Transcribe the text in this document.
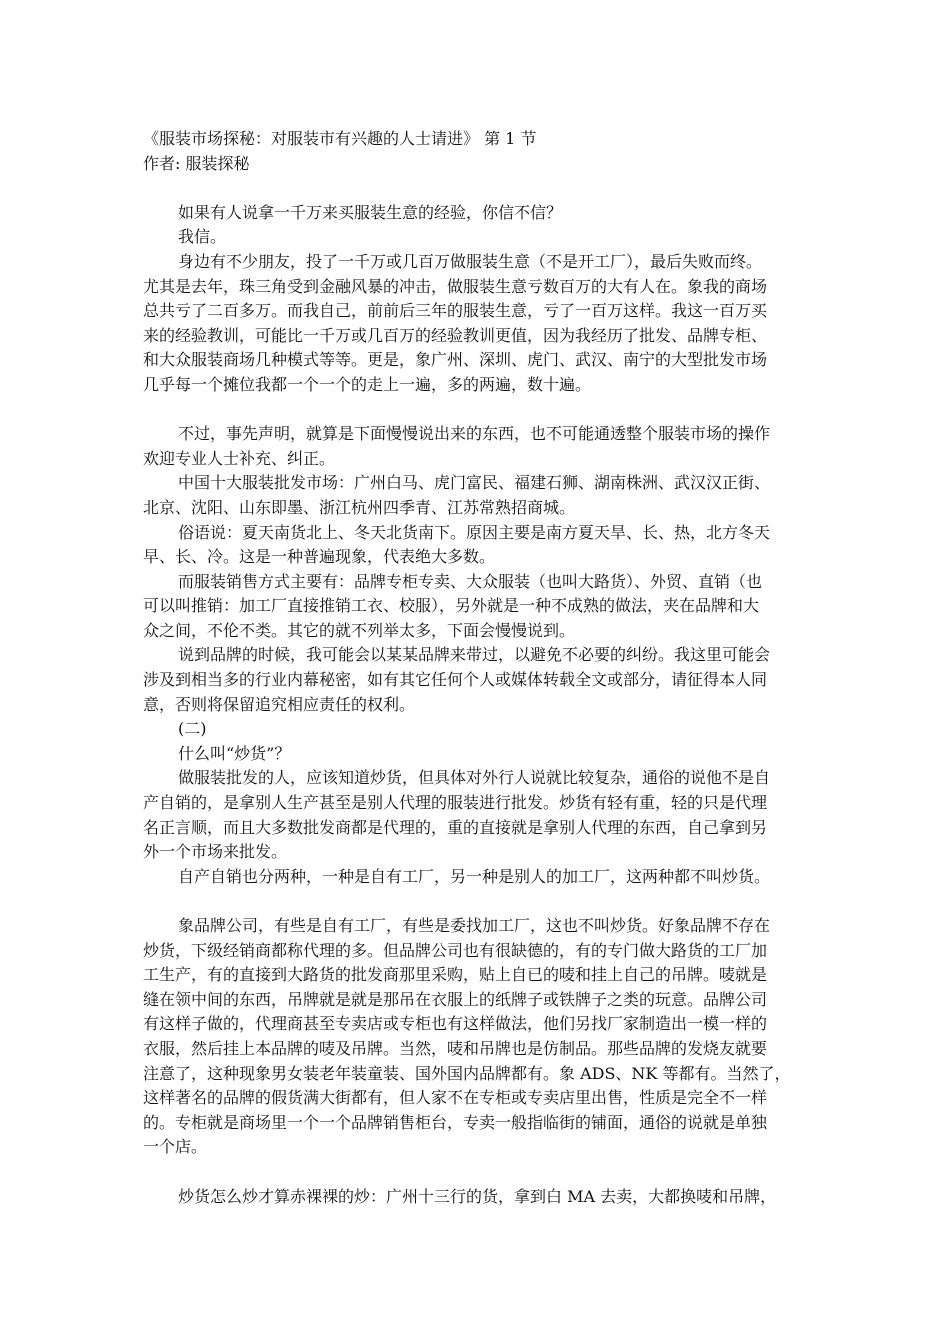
《服装市场探秘：对服装市有兴趣的人士请进》 第 1 节

作者: 服装探秘

如果有人说拿一千万来买服装生意的经验，你信不信？

我信。

身边有不少朋友，投了一千万或几百万做服装生意（不是开工厂），最后失败而终。

尤其是去年，珠三角受到金融风暴的冲击，做服装生意亏数百万的大有人在。象我的商场

总共亏了二百多万。而我自己，前前后三年的服装生意，亏了一百万这样。我这一百万买

来的经验教训，可能比一千万或几百万的经验教训更值，因为我经历了批发、品牌专柜、

和大众服装商场几种模式等等。更是，象广州、深圳、虎门、武汉、南宁的大型批发市场

几乎每一个摊位我都一个一个的走上一遍，多的两遍，数十遍。

不过，事先声明，就算是下面慢慢说出来的东西，也不可能通透整个服装市场的操作

欢迎专业人士补充、纠正。

中国十大服装批发市场：广州白马、虎门富民、福建石狮、湖南株洲、武汉汉正街、

北京、沈阳、山东即墨、浙江杭州四季青、江苏常熟招商城。

俗语说：夏天南货北上、冬天北货南下。原因主要是南方夏天旱、长、热，北方冬天

早、长、冷。这是一种普遍现象，代表绝大多数。

而服装销售方式主要有：品牌专柜专卖、大众服装（也叫大路货）、外贸、直销（也

可以叫推销：加工厂直接推销工衣、校服），另外就是一种不成熟的做法，夹在品牌和大

众之间，不伦不类。其它的就不列举太多，下面会慢慢说到。

说到品牌的时候，我可能会以某某品牌来带过，以避免不必要的纠纷。我这里可能会

涉及到相当多的行业内幕秘密，如有其它任何个人或媒体转载全文或部分，请征得本人同

意，否则将保留追究相应责任的权利。

(二)

什么叫“炒货”？

做服装批发的人，应该知道炒货，但具体对外行人说就比较复杂，通俗的说他不是自

产自销的，是拿别人生产甚至是别人代理的服装进行批发。炒货有轻有重，轻的只是代理

名正言顺，而且大多数批发商都是代理的，重的直接就是拿别人代理的东西，自己拿到另

外一个市场来批发。

自产自销也分两种，一种是自有工厂，另一种是别人的加工厂，这两种都不叫炒货。

象品牌公司，有些是自有工厂，有些是委找加工厂，这也不叫炒货。好象品牌不存在

炒货，下级经销商都称代理的多。但品牌公司也有很缺德的，有的专门做大路货的工厂加

工生产，有的直接到大路货的批发商那里采购，贴上自已的唛和挂上自己的吊牌。唛就是

缝在领中间的东西，吊牌就是就是那吊在衣服上的纸牌子或铁牌子之类的玩意。品牌公司

有这样子做的，代理商甚至专卖店或专柜也有这样做法，他们另找厂家制造出一模一样的

衣服，然后挂上本品牌的唛及吊牌。当然，唛和吊牌也是仿制品。那些品牌的发烧友就要

注意了，这种现象男女装老年装童装、国外国内品牌都有。象 ADS、NK 等都有。当然了，

这样著名的品牌的假货满大街都有，但人家不在专柜或专卖店里出售，性质是完全不一样

的。专柜就是商场里一个一个品牌销售柜台，专卖一般指临街的铺面，通俗的说就是单独

一个店。

炒货怎么炒才算赤裸裸的炒：广州十三行的货，拿到白 MA 去卖，大都换唛和吊牌，
